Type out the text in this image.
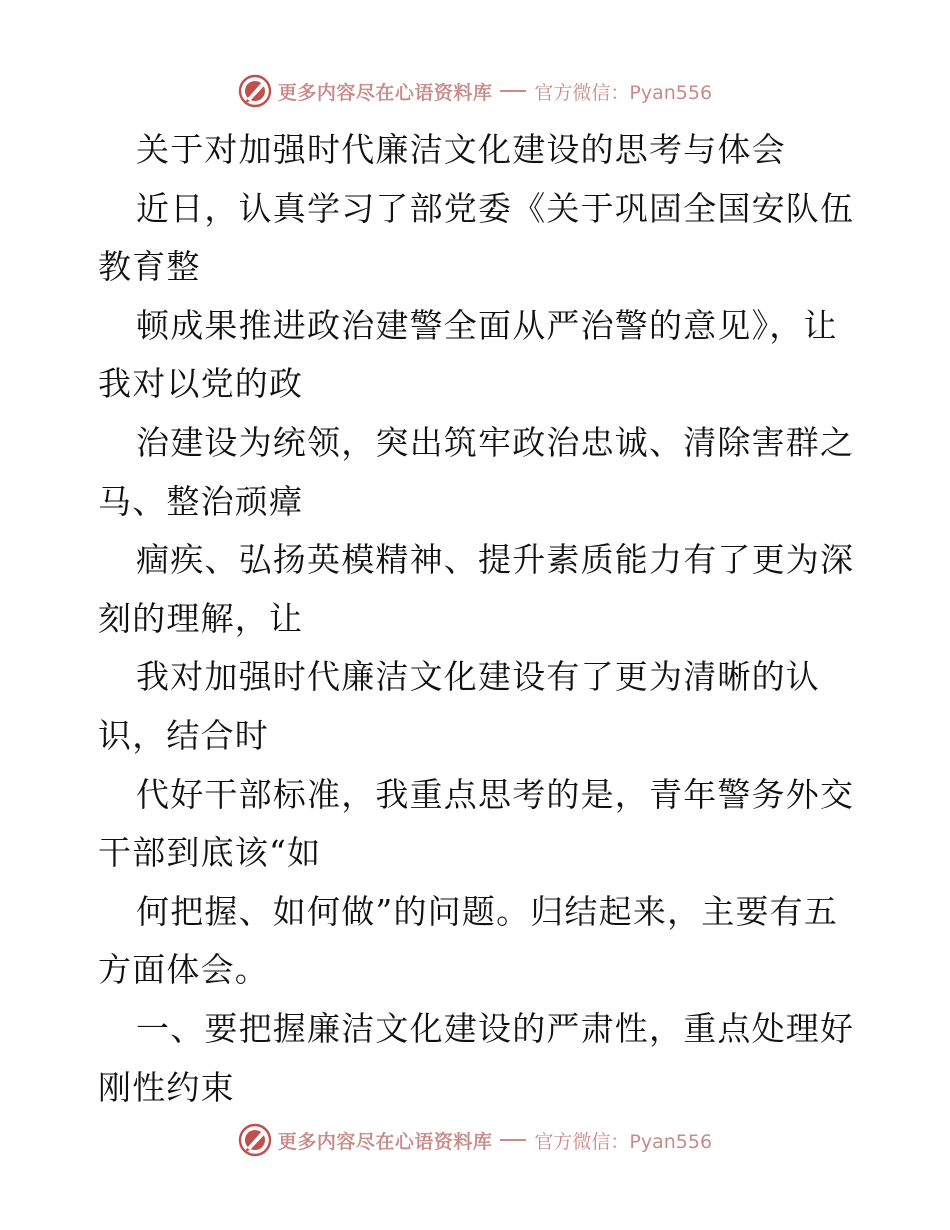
更多内容尽在心语资料库 官方微信：Pyan556
关于对加强时代廉洁文化建设的思考与体会
近日，认真学习了部党委《关于巩固全国安队伍
教育整
顿成果推进政治建警全面从严治警的意见》，让
我对以党的政
治建设为统领，突出筑牢政治忠诚、清除害群之
马、整治顽瘴
痼疾、弘扬英模精神、提升素质能力有了更为深
刻的理解，让
我对加强时代廉洁文化建设有了更为清晰的认
识，结合时
代好干部标准，我重点思考的是，青年警务外交
干部到底该“如
何把握、如何做”的问题。归结起来，主要有五
方面体会。
一、要把握廉洁文化建设的严肃性，重点处理好
刚性约束
更多内容尽在心语资料库 官方微信：Pyan556
